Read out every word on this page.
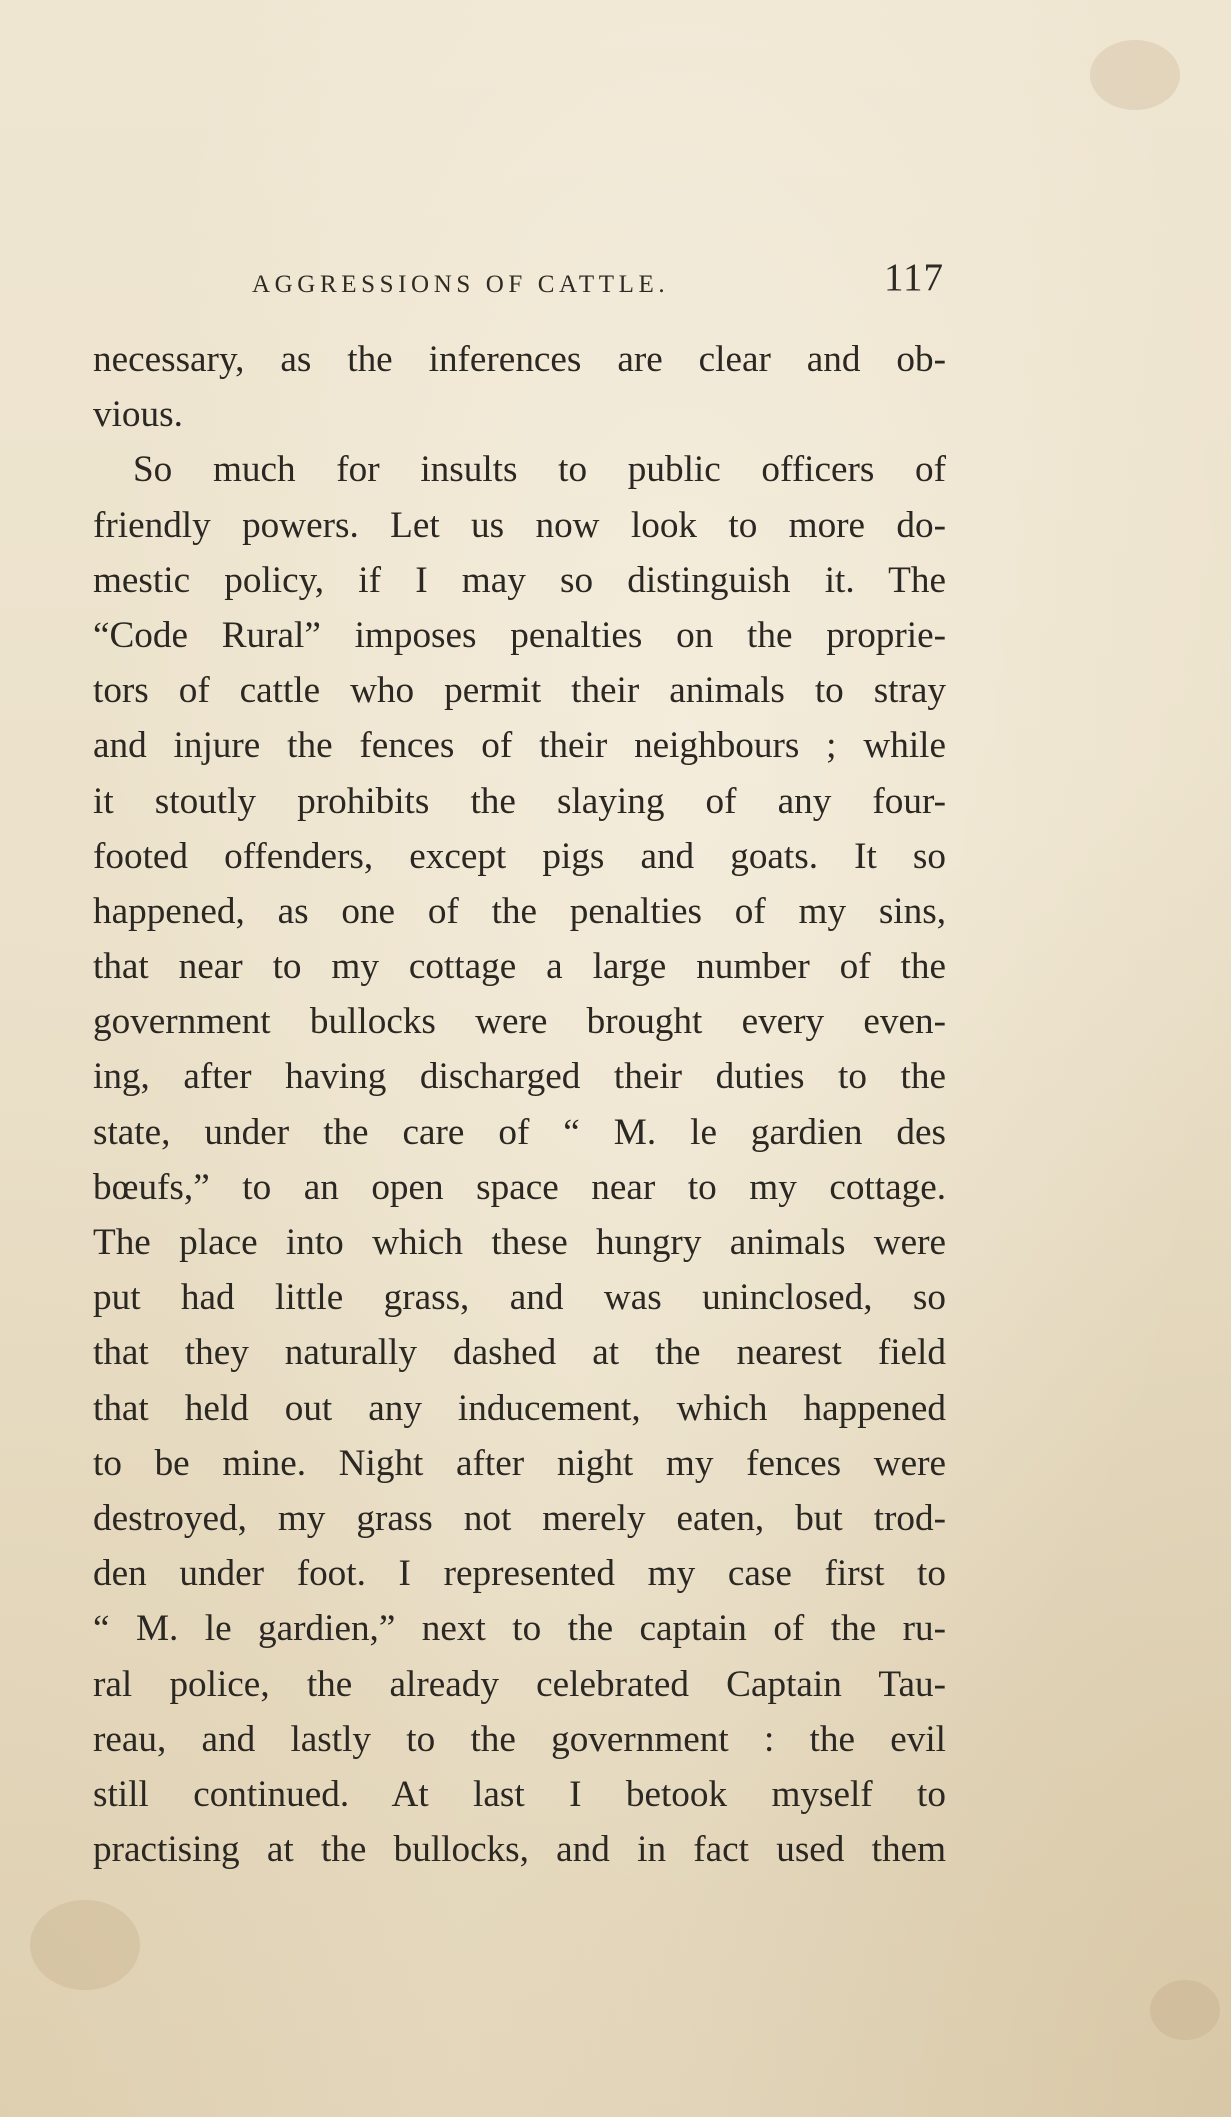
AGGRESSIONS OF CATTLE.	117
necessary, as the inferences are clear and ob-
vious.
So much for insults to public officers of
friendly powers. Let us now look to more do-
mestic policy, if I may so distinguish it. The
“Code Rural” imposes penalties on the proprie-
tors of cattle who permit their animals to stray
and injure the fences of their neighbours ; while
it stoutly prohibits the slaying of any four-
footed offenders, except pigs and goats. It so
happened, as one of the penalties of my sins,
that near to my cottage a large number of the
government bullocks were brought every even-
ing, after having discharged their duties to the
state, under the care of “ M. le gardien des
bœufs,” to an open space near to my cottage.
The place into which these hungry animals were
put had little grass, and was uninclosed, so
that they naturally dashed at the nearest field
that held out any inducement, which happened
to be mine. Night after night my fences were
destroyed, my grass not merely eaten, but trod-
den under foot. I represented my case first to
“ M. le gardien,” next to the captain of the ru-
ral police, the already celebrated Captain Tau-
reau, and lastly to the government : the evil
still continued. At last I betook myself to
practising at the bullocks, and in fact used them
